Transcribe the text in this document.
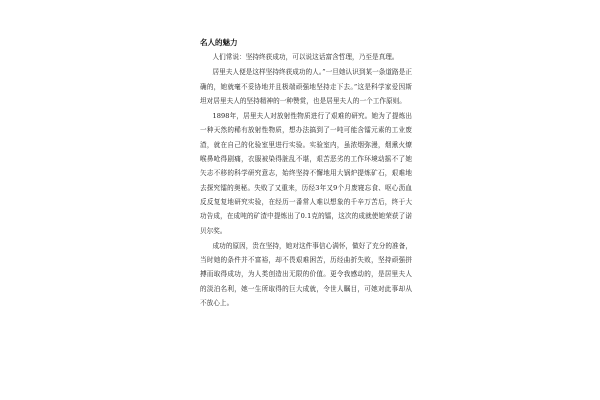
名人的魅力

人们常说：坚持终获成功，可以说这话富含哲理，乃至是真理。

居里夫人便是这样坚持终获成功的人。”一旦她认识到某一条道路是正确的，她就毫不妥协地并且极端顽强地坚持走下去。”这是科学家爱因斯坦对居里夫人的坚持精神的一种赞赏，也是居里夫人的一个工作原则。

1898年，居里夫人对放射性物质进行了艰难的研究。她为了提炼出一种天然的稀有放射性物质，想办法搞到了一吨可能含镭元素的工业废渣，就在自己的化验室里进行实验。实验室内，虽浓烟弥漫，烟熏火燎喉鼻呛得剧痛，衣服被染得脏乱不堪，艰苦恶劣的工作环境动摇不了她矢志不移的科学研究意志，始终坚持不懈地用大锅炉提炼矿石，艰难地去探究镭的奥秘。失败了又重来，历经3年又9个月废寝忘食、呕心沥血反反复复地研究实验，在经历一番常人难以想象的千辛万苦后，终于大功告成，在成吨的矿渣中提炼出了0.1克的镭，这次的成就使她荣获了诺贝尔奖。

成功的原因，贵在坚持，她对这件事信心满怀，做好了充分的准备，当时她的条件并不富裕，却不畏艰难困苦，历经曲折失败，坚持顽强拼搏而取得成功，为人类创造出无限的价值。更令我感动的，是居里夫人的淡泊名利，她一生所取得的巨大成就，令世人瞩目，可她对此事却从不放心上。
